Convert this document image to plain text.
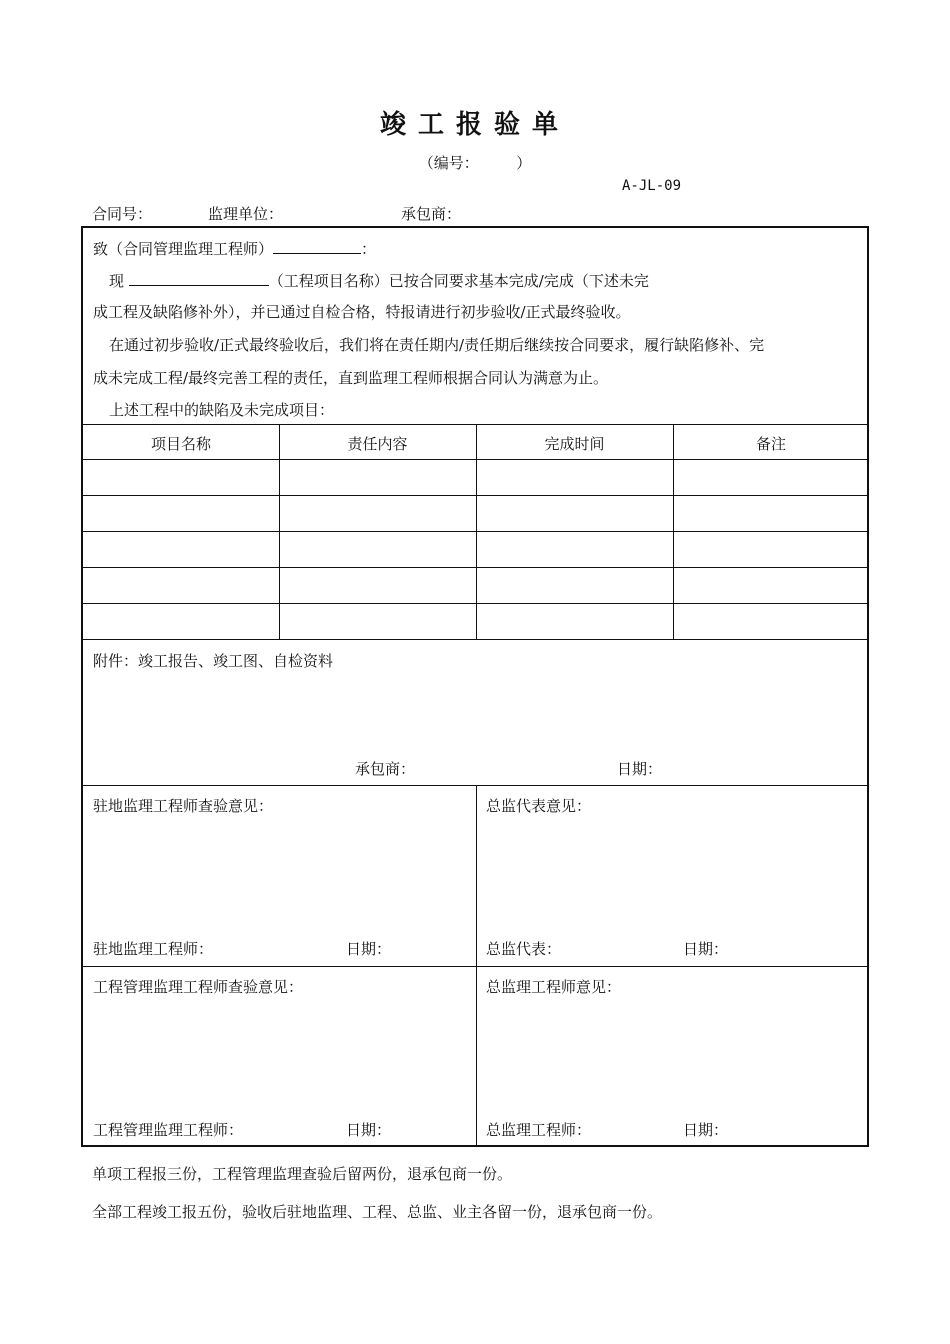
竣工报验单
（编号：　　　）
A-JL-09
合同号：	监理单位：	承包商：
致（合同管理监理工程师）	：
现	（工程项目名称）已按合同要求基本完成/完成（下述未完
成工程及缺陷修补外），并已通过自检合格，特报请进行初步验收/正式最终验收。
在通过初步验收/正式最终验收后，我们将在责任期内/责任期后继续按合同要求，履行缺陷修补、完
成未完成工程/最终完善工程的责任，直到监理工程师根据合同认为满意为止。
上述工程中的缺陷及未完成项目：
项目名称	责任内容	完成时间	备注
附件：竣工报告、竣工图、自检资料
承包商：	日期：
驻地监理工程师查验意见：
驻地监理工程师：	日期：
总监代表意见：
总监代表：	日期：
工程管理监理工程师查验意见：
工程管理监理工程师：	日期：
总监理工程师意见：
总监理工程师：	日期：
单项工程报三份，工程管理监理查验后留两份，退承包商一份。
全部工程竣工报五份，验收后驻地监理、工程、总监、业主各留一份，退承包商一份。
